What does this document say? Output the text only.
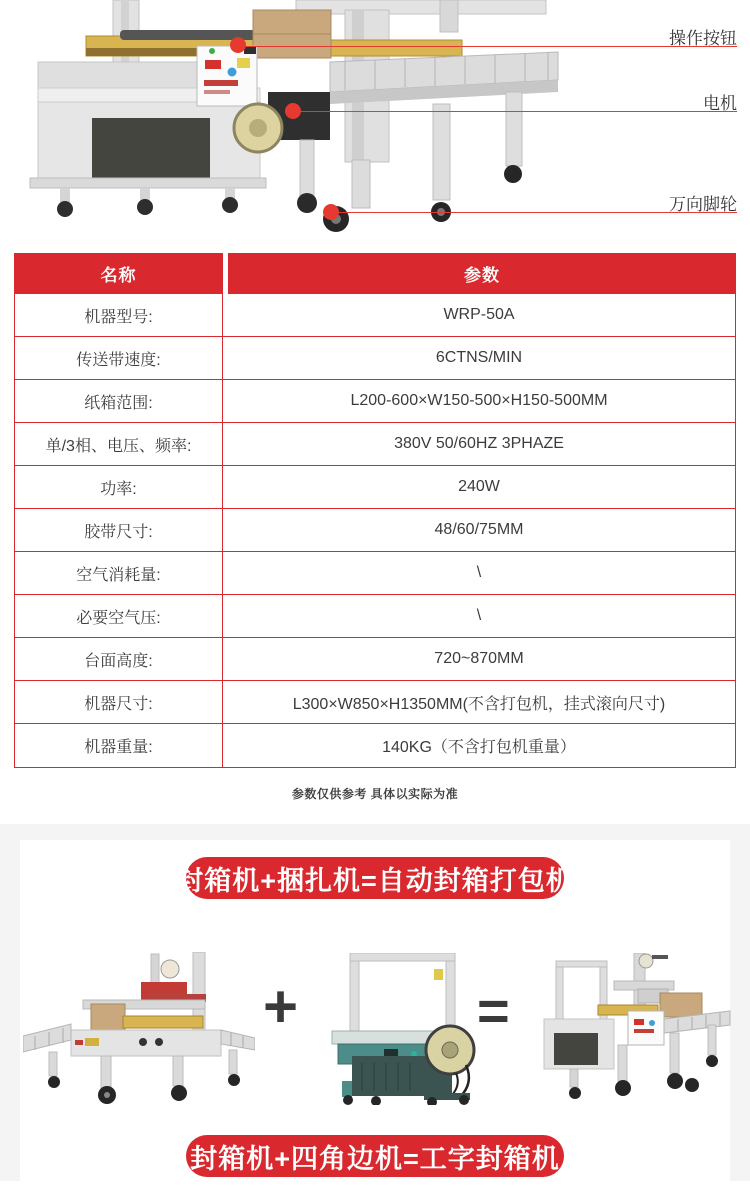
操作按钮
电机
万向脚轮
名称	参数
机器型号:	WRP-50A
传送带速度:	6CTNS/MIN
纸箱范围:	L200-600×W150-500×H150-500MM
单/3相、电压、频率:	380V 50/60HZ 3PHAZE
功率:	240W
胶带尺寸:	48/60/75MM
空气消耗量:	\
必要空气压:	\
台面高度:	720~870MM
机器尺寸:	L300×W850×H1350MM(不含打包机，挂式滚向尺寸)
机器重量:	140KG（不含打包机重量）

参数仅供参考 具体以实际为准

封箱机+捆扎机=自动封箱打包机
+	=
封箱机+四角边机=工字封箱机
